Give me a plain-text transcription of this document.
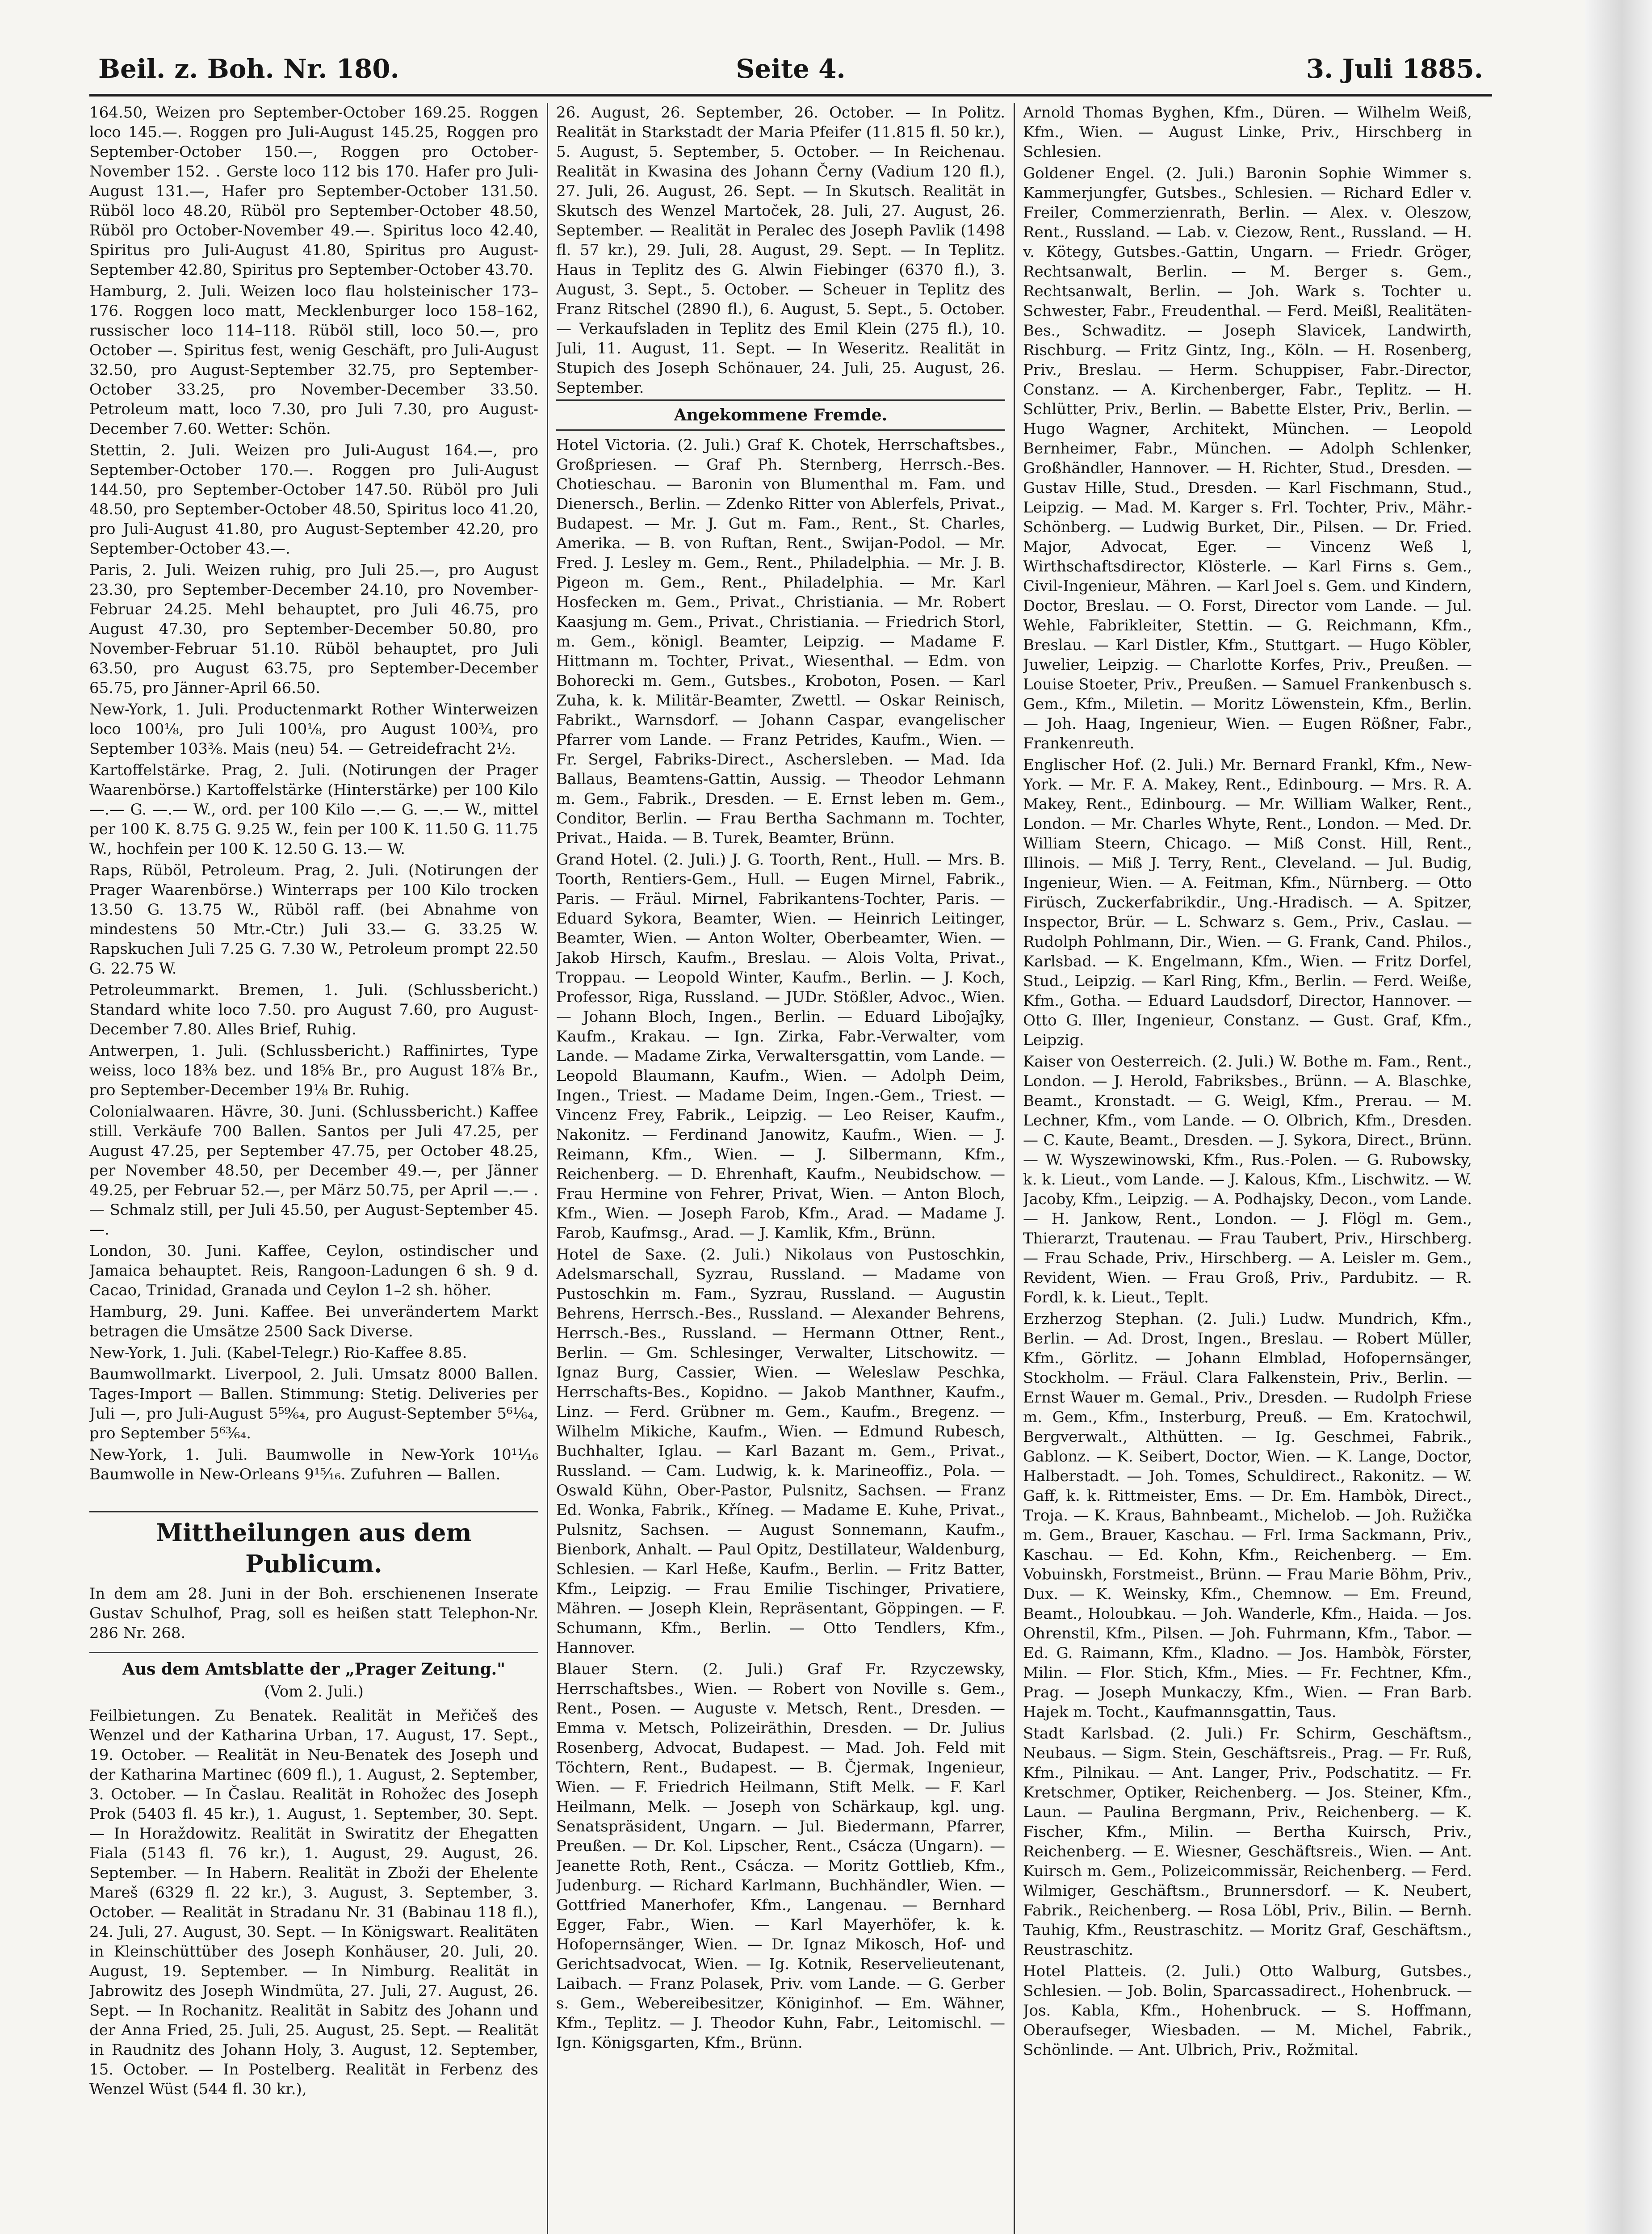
Beil. z. Boh. Nr. 180.	Seite 4.	3. Juli 1885.

164.50, Weizen pro September-October 169.25. Roggen loco 145.—. Roggen pro Juli-August 145.25, Roggen pro September-October 150.—, Roggen pro October-November 152. . Gerste loco 112 bis 170. Hafer pro Juli-August 131.—, Hafer pro September-October 131.50. Rüböl loco 48.20, Rüböl pro September-October 48.50, Rüböl pro October-November 49.—. Spiritus loco 42.40, Spiritus pro Juli-August 41.80, Spiritus pro August-September 42.80, Spiritus pro September-October 43.70.

Hamburg, 2. Juli. Weizen loco flau holsteinischer 173–176. Roggen loco matt, Mecklenburger loco 158–162, russischer loco 114–118. Rüböl still, loco 50.—, pro October —. Spiritus fest, wenig Geschäft, pro Juli-August 32.50, pro August-September 32.75, pro September-October 33.25, pro November-December 33.50. Petroleum matt, loco 7.30, pro Juli 7.30, pro August-December 7.60. Wetter: Schön.

Stettin, 2. Juli. Weizen pro Juli-August 164.—, pro September-October 170.—. Roggen pro Juli-August 144.50, pro September-October 147.50. Rüböl pro Juli 48.50, pro September-October 48.50, Spiritus loco 41.20, pro Juli-August 41.80, pro August-September 42.20, pro September-October 43.—.

Paris, 2. Juli. Weizen ruhig, pro Juli 25.—, pro August 23.30, pro September-December 24.10, pro November-Februar 24.25. Mehl behauptet, pro Juli 46.75, pro August 47.30, pro September-December 50.80, pro November-Februar 51.10. Rüböl behauptet, pro Juli 63.50, pro August 63.75, pro September-December 65.75, pro Jänner-April 66.50.

New-York, 1. Juli. Productenmarkt Rother Winterweizen loco 100⅛, pro Juli 100⅛, pro August 100¾, pro September 103⅜. Mais (neu) 54. — Getreidefracht 2½.

Kartoffelstärke. Prag, 2. Juli. (Notirungen der Prager Waarenbörse.) Kartoffelstärke (Hinterstärke) per 100 Kilo —.— G. —.— W., ord. per 100 Kilo —.— G. —.— W., mittel per 100 K. 8.75 G. 9.25 W., fein per 100 K. 11.50 G. 11.75 W., hochfein per 100 K. 12.50 G. 13.— W.

Raps, Rüböl, Petroleum. Prag, 2. Juli. (Notirungen der Prager Waarenbörse.) Winterraps per 100 Kilo trocken 13.50 G. 13.75 W., Rüböl raff. (bei Abnahme von mindestens 50 Mtr.-Ctr.) Juli 33.— G. 33.25 W. Rapskuchen Juli 7.25 G. 7.30 W., Petroleum prompt 22.50 G. 22.75 W.

Petroleummarkt. Bremen, 1. Juli. (Schlussbericht.) Standard white loco 7.50. pro August 7.60, pro August-December 7.80. Alles Brief, Ruhig.

Antwerpen, 1. Juli. (Schlussbericht.) Raffinirtes, Type weiss, loco 18⅜ bez. und 18⅝ Br., pro August 18⅞ Br., pro September-December 19⅛ Br. Ruhig.

Colonialwaaren. Hävre, 30. Juni. (Schlussbericht.) Kaffee still. Verkäufe 700 Ballen. Santos per Juli 47.25, per August 47.25, per September 47.75, per October 48.25, per November 48.50, per December 49.—, per Jänner 49.25, per Februar 52.—, per März 50.75, per April —.— . — Schmalz still, per Juli 45.50, per August-September 45.—.

London, 30. Juni. Kaffee, Ceylon, ostindischer und Jamaica behauptet. Reis, Rangoon-Ladungen 6 sh. 9 d. Cacao, Trinidad, Granada und Ceylon 1–2 sh. höher.

Hamburg, 29. Juni. Kaffee. Bei unverändertem Markt betragen die Umsätze 2500 Sack Diverse.

New-York, 1. Juli. (Kabel-Telegr.) Rio-Kaffee 8.85.

Baumwollmarkt. Liverpool, 2. Juli. Umsatz 8000 Ballen. Tages-Import — Ballen. Stimmung: Stetig. Deliveries per Juli —, pro Juli-August 5⁵⁹⁄₆₄, pro August-September 5⁶¹⁄₆₄, pro September 5⁶³⁄₆₄.

New-York, 1. Juli. Baumwolle in New-York 10¹¹⁄₁₆ Baumwolle in New-Orleans 9¹⁵⁄₁₆. Zufuhren — Ballen.

Mittheilungen aus dem Publicum.

In dem am 28. Juni in der Boh. erschienenen Inserate Gustav Schulhof, Prag, soll es heißen statt Telephon-Nr. 286 Nr. 268.

Aus dem Amtsblatte der „Prager Zeitung."
(Vom 2. Juli.)

Feilbietungen. Zu Benatek. Realität in Meřičeš des Wenzel und der Katharina Urban, 17. August, 17. Sept., 19. October. — Realität in Neu-Benatek des Joseph und der Katharina Martinec (609 fl.), 1. August, 2. September, 3. October. — In Časlau. Realität in Rohožec des Joseph Prok (5403 fl. 45 kr.), 1. August, 1. September, 30. Sept. — In Horaždowitz. Realität in Swiratitz der Ehegatten Fiala (5143 fl. 76 kr.), 1. August, 29. August, 26. September. — In Habern. Realität in Zboži der Ehelente Mareš (6329 fl. 22 kr.), 3. August, 3. September, 3. October. — Realität in Stradanu Nr. 31 (Babinau 118 fl.), 24. Juli, 27. August, 30. Sept. — In Königswart. Realitäten in Kleinschüttüber des Joseph Konhäuser, 20. Juli, 20. August, 19. September. — In Nimburg. Realität in Jabrowitz des Joseph Windmüta, 27. Juli, 27. August, 26. Sept. — In Rochanitz. Realität in Sabitz des Johann und der Anna Fried, 25. Juli, 25. August, 25. Sept. — Realität in Raudnitz des Johann Holy, 3. August, 12. September, 15. October. — In Postelberg. Realität in Ferbenz des Wenzel Wüst (544 fl. 30 kr.),

26. August, 26. September, 26. October. — In Politz. Realität in Starkstadt der Maria Pfeifer (11.815 fl. 50 kr.), 5. August, 5. September, 5. October. — In Reichenau. Realität in Kwasina des Johann Černy (Vadium 120 fl.), 27. Juli, 26. August, 26. Sept. — In Skutsch. Realität in Skutsch des Wenzel Martoček, 28. Juli, 27. August, 26. September. — Realität in Peralec des Joseph Pavlik (1498 fl. 57 kr.), 29. Juli, 28. August, 29. Sept. — In Teplitz. Haus in Teplitz des G. Alwin Fiebinger (6370 fl.), 3. August, 3. Sept., 5. October. — Scheuer in Teplitz des Franz Ritschel (2890 fl.), 6. August, 5. Sept., 5. October. — Verkaufsladen in Teplitz des Emil Klein (275 fl.), 10. Juli, 11. August, 11. Sept. — In Weseritz. Realität in Stupich des Joseph Schönauer, 24. Juli, 25. August, 26. September.

Angekommene Fremde.

Hotel Victoria. (2. Juli.) Graf K. Chotek, Herrschaftsbes., Großpriesen. — Graf Ph. Sternberg, Herrsch.-Bes. Chotieschau. — Baronin von Blumenthal m. Fam. und Dienersch., Berlin. — Zdenko Ritter von Ablerfels, Privat., Budapest. — Mr. J. Gut m. Fam., Rent., St. Charles, Amerika. — B. von Ruftan, Rent., Swijan-Podol. — Mr. Fred. J. Lesley m. Gem., Rent., Philadelphia. — Mr. J. B. Pigeon m. Gem., Rent., Philadelphia. — Mr. Karl Hosfecken m. Gem., Privat., Christiania. — Mr. Robert Kaasjung m. Gem., Privat., Christiania. — Friedrich Storl, m. Gem., königl. Beamter, Leipzig. — Madame F. Hittmann m. Tochter, Privat., Wiesenthal. — Edm. von Bohorecki m. Gem., Gutsbes., Kroboton, Posen. — Karl Zuha, k. k. Militär-Beamter, Zwettl. — Oskar Reinisch, Fabrikt., Warnsdorf. — Johann Caspar, evangelischer Pfarrer vom Lande. — Franz Petrides, Kaufm., Wien. — Fr. Sergel, Fabriks-Direct., Aschersleben. — Mad. Ida Ballaus, Beamtens-Gattin, Aussig. — Theodor Lehmann m. Gem., Fabrik., Dresden. — E. Ernst leben m. Gem., Conditor, Berlin. — Frau Bertha Sachmann m. Tochter, Privat., Haida. — B. Turek, Beamter, Brünn.

Grand Hotel. (2. Juli.) J. G. Toorth, Rent., Hull. — Mrs. B. Toorth, Rentiers-Gem., Hull. — Eugen Mirnel, Fabrik., Paris. — Fräul. Mirnel, Fabrikantens-Tochter, Paris. — Eduard Sykora, Beamter, Wien. — Heinrich Leitinger, Beamter, Wien. — Anton Wolter, Oberbeamter, Wien. — Jakob Hirsch, Kaufm., Breslau. — Alois Volta, Privat., Troppau. — Leopold Winter, Kaufm., Berlin. — J. Koch, Professor, Riga, Russland. — JUDr. Stößler, Advoc., Wien. — Johann Bloch, Ingen., Berlin. — Eduard Liboĵaĵky, Kaufm., Krakau. — Ign. Zirka, Fabr.-Verwalter, vom Lande. — Madame Zirka, Verwaltersgattin, vom Lande. — Leopold Blaumann, Kaufm., Wien. — Adolph Deim, Ingen., Triest. — Madame Deim, Ingen.-Gem., Triest. — Vincenz Frey, Fabrik., Leipzig. — Leo Reiser, Kaufm., Nakonitz. — Ferdinand Janowitz, Kaufm., Wien. — J. Reimann, Kfm., Wien. — J. Silbermann, Kfm., Reichenberg. — D. Ehrenhaft, Kaufm., Neubidschow. — Frau Hermine von Fehrer, Privat, Wien. — Anton Bloch, Kfm., Wien. — Joseph Farob, Kfm., Arad. — Madame J. Farob, Kaufmsg., Arad. — J. Kamlik, Kfm., Brünn.

Hotel de Saxe. (2. Juli.) Nikolaus von Pustoschkin, Adelsmarschall, Syzrau, Russland. — Madame von Pustoschkin m. Fam., Syzrau, Russland. — Augustin Behrens, Herrsch.-Bes., Russland. — Alexander Behrens, Herrsch.-Bes., Russland. — Hermann Ottner, Rent., Berlin. — Gm. Schlesinger, Verwalter, Litschowitz. — Ignaz Burg, Cassier, Wien. — Weleslaw Peschka, Herrschafts-Bes., Kopidno. — Jakob Manthner, Kaufm., Linz. — Ferd. Grübner m. Gem., Kaufm., Bregenz. — Wilhelm Mikiche, Kaufm., Wien. — Edmund Rubesch, Buchhalter, Iglau. — Karl Bazant m. Gem., Privat., Russland. — Cam. Ludwig, k. k. Marineoffiz., Pola. — Oswald Kühn, Ober-Pastor, Pulsnitz, Sachsen. — Franz Ed. Wonka, Fabrik., Kříneg. — Madame E. Kuhe, Privat., Pulsnitz, Sachsen. — August Sonnemann, Kaufm., Bienbork, Anhalt. — Paul Opitz, Destillateur, Waldenburg, Schlesien. — Karl Heße, Kaufm., Berlin. — Fritz Batter, Kfm., Leipzig. — Frau Emilie Tischinger, Privatiere, Mähren. — Joseph Klein, Repräsentant, Göppingen. — F. Schumann, Kfm., Berlin. — Otto Tendlers, Kfm., Hannover.

Blauer Stern. (2. Juli.) Graf Fr. Rzyczewsky, Herrschaftsbes., Wien. — Robert von Noville s. Gem., Rent., Posen. — Auguste v. Metsch, Rent., Dresden. — Emma v. Metsch, Polizeiräthin, Dresden. — Dr. Julius Rosenberg, Advocat, Budapest. — Mad. Joh. Feld mit Töchtern, Rent., Budapest. — B. Čjermak, Ingenieur, Wien. — F. Friedrich Heilmann, Stift Melk. — F. Karl Heilmann, Melk. — Joseph von Schärkaup, kgl. ung. Senatspräsident, Ungarn. — Jul. Biedermann, Pfarrer, Preußen. — Dr. Kol. Lipscher, Rent., Csácza (Ungarn). — Jeanette Roth, Rent., Csácza. — Moritz Gottlieb, Kfm., Judenburg. — Richard Karlmann, Buchhändler, Wien. — Gottfried Manerhofer, Kfm., Langenau. — Bernhard Egger, Fabr., Wien. — Karl Mayerhöfer, k. k. Hofopernsänger, Wien. — Dr. Ignaz Mikosch, Hof- und Gerichtsadvocat, Wien. — Ig. Kotnik, Reservelieutenant, Laibach. — Franz Polasek, Priv. vom Lande. — G. Gerber s. Gem., Webereibesitzer, Königinhof. — Em. Wähner, Kfm., Teplitz. — J. Theodor Kuhn, Fabr., Leitomischl. — Ign. Königsgarten, Kfm., Brünn.

Arnold Thomas Byghen, Kfm., Düren. — Wilhelm Weiß, Kfm., Wien. — August Linke, Priv., Hirschberg in Schlesien.

Goldener Engel. (2. Juli.) Baronin Sophie Wimmer s. Kammerjungfer, Gutsbes., Schlesien. — Richard Edler v. Freiler, Commerzienrath, Berlin. — Alex. v. Oleszow, Rent., Russland. — Lab. v. Ciezow, Rent., Russland. — H. v. Kötegy, Gutsbes.-Gattin, Ungarn. — Friedr. Gröger, Rechtsanwalt, Berlin. — M. Berger s. Gem., Rechtsanwalt, Berlin. — Joh. Wark s. Tochter u. Schwester, Fabr., Freudenthal. — Ferd. Meißl, Realitäten-Bes., Schwaditz. — Joseph Slavicek, Landwirth, Rischburg. — Fritz Gintz, Ing., Köln. — H. Rosenberg, Priv., Breslau. — Herm. Schuppiser, Fabr.-Director, Constanz. — A. Kirchenberger, Fabr., Teplitz. — H. Schlütter, Priv., Berlin. — Babette Elster, Priv., Berlin. — Hugo Wagner, Architekt, München. — Leopold Bernheimer, Fabr., München. — Adolph Schlenker, Großhändler, Hannover. — H. Richter, Stud., Dresden. — Gustav Hille, Stud., Dresden. — Karl Fischmann, Stud., Leipzig. — Mad. M. Karger s. Frl. Tochter, Priv., Mähr.-Schönberg. — Ludwig Burket, Dir., Pilsen. — Dr. Fried. Major, Advocat, Eger. — Vincenz Weß l, Wirthschaftsdirector, Klösterle. — Karl Firns s. Gem., Civil-Ingenieur, Mähren. — Karl Joel s. Gem. und Kindern, Doctor, Breslau. — O. Forst, Director vom Lande. — Jul. Wehle, Fabrikleiter, Stettin. — G. Reichmann, Kfm., Breslau. — Karl Distler, Kfm., Stuttgart. — Hugo Köbler, Juwelier, Leipzig. — Charlotte Korfes, Priv., Preußen. — Louise Stoeter, Priv., Preußen. — Samuel Frankenbusch s. Gem., Kfm., Miletin. — Moritz Löwenstein, Kfm., Berlin. — Joh. Haag, Ingenieur, Wien. — Eugen Rößner, Fabr., Frankenreuth.

Englischer Hof. (2. Juli.) Mr. Bernard Frankl, Kfm., New-York. — Mr. F. A. Makey, Rent., Edinbourg. — Mrs. R. A. Makey, Rent., Edinbourg. — Mr. William Walker, Rent., London. — Mr. Charles Whyte, Rent., London. — Med. Dr. William Steern, Chicago. — Miß Const. Hill, Rent., Illinois. — Miß J. Terry, Rent., Cleveland. — Jul. Budig, Ingenieur, Wien. — A. Feitman, Kfm., Nürnberg. — Otto Firüsch, Zuckerfabrikdir., Ung.-Hradisch. — A. Spitzer, Inspector, Brür. — L. Schwarz s. Gem., Priv., Caslau. — Rudolph Pohlmann, Dir., Wien. — G. Frank, Cand. Philos., Karlsbad. — K. Engelmann, Kfm., Wien. — Fritz Dorfel, Stud., Leipzig. — Karl Ring, Kfm., Berlin. — Ferd. Weiße, Kfm., Gotha. — Eduard Laudsdorf, Director, Hannover. — Otto G. Iller, Ingenieur, Constanz. — Gust. Graf, Kfm., Leipzig.

Kaiser von Oesterreich. (2. Juli.) W. Bothe m. Fam., Rent., London. — J. Herold, Fabriksbes., Brünn. — A. Blaschke, Beamt., Kronstadt. — G. Weigl, Kfm., Prerau. — M. Lechner, Kfm., vom Lande. — O. Olbrich, Kfm., Dresden. — C. Kaute, Beamt., Dresden. — J. Sykora, Direct., Brünn. — W. Wyszewinowski, Kfm., Rus.-Polen. — G. Rubowsky, k. k. Lieut., vom Lande. — J. Kalous, Kfm., Lischwitz. — W. Jacoby, Kfm., Leipzig. — A. Podhajsky, Decon., vom Lande. — H. Jankow, Rent., London. — J. Flögl m. Gem., Thierarzt, Trautenau. — Frau Taubert, Priv., Hirschberg. — Frau Schade, Priv., Hirschberg. — A. Leisler m. Gem., Revident, Wien. — Frau Groß, Priv., Pardubitz. — R. Fordl, k. k. Lieut., Teplt.

Erzherzog Stephan. (2. Juli.) Ludw. Mundrich, Kfm., Berlin. — Ad. Drost, Ingen., Breslau. — Robert Müller, Kfm., Görlitz. — Johann Elmblad, Hofopernsänger, Stockholm. — Fräul. Clara Falkenstein, Priv., Berlin. — Ernst Wauer m. Gemal., Priv., Dresden. — Rudolph Friese m. Gem., Kfm., Insterburg, Preuß. — Em. Kratochwil, Bergverwalt., Althütten. — Ig. Geschmei, Fabrik., Gablonz. — K. Seibert, Doctor, Wien. — K. Lange, Doctor, Halberstadt. — Joh. Tomes, Schuldirect., Rakonitz. — W. Gaff, k. k. Rittmeister, Ems. — Dr. Em. Hambòk, Direct., Troja. — K. Kraus, Bahnbeamt., Michelob. — Joh. Ružička m. Gem., Brauer, Kaschau. — Frl. Irma Sackmann, Priv., Kaschau. — Ed. Kohn, Kfm., Reichenberg. — Em. Vobuinskh, Forstmeist., Brünn. — Frau Marie Böhm, Priv., Dux. — K. Weinsky, Kfm., Chemnow. — Em. Freund, Beamt., Holoubkau. — Joh. Wanderle, Kfm., Haida. — Jos. Ohrenstil, Kfm., Pilsen. — Joh. Fuhrmann, Kfm., Tabor. — Ed. G. Raimann, Kfm., Kladno. — Jos. Hambòk, Förster, Milin. — Flor. Stich, Kfm., Mies. — Fr. Fechtner, Kfm., Prag. — Joseph Munkaczy, Kfm., Wien. — Fran Barb. Hajek m. Tocht., Kaufmannsgattin, Taus.

Stadt Karlsbad. (2. Juli.) Fr. Schirm, Geschäftsm., Neubaus. — Sigm. Stein, Geschäftsreis., Prag. — Fr. Ruß, Kfm., Pilnikau. — Ant. Langer, Priv., Podschatitz. — Fr. Kretschmer, Optiker, Reichenberg. — Jos. Steiner, Kfm., Laun. — Paulina Bergmann, Priv., Reichenberg. — K. Fischer, Kfm., Milin. — Bertha Kuirsch, Priv., Reichenberg. — E. Wiesner, Geschäftsreis., Wien. — Ant. Kuirsch m. Gem., Polizeicommissär, Reichenberg. — Ferd. Wilmiger, Geschäftsm., Brunnersdorf. — K. Neubert, Fabrik., Reichenberg. — Rosa Löbl, Priv., Bilin. — Bernh. Tauhig, Kfm., Reustraschitz. — Moritz Graf, Geschäftsm., Reustraschitz.

Hotel Platteis. (2. Juli.) Otto Walburg, Gutsbes., Schlesien. — Job. Bolin, Sparcassadirect., Hohenbruck. — Jos. Kabla, Kfm., Hohenbruck. — S. Hoffmann, Oberaufseger, Wiesbaden. — M. Michel, Fabrik., Schönlinde. — Ant. Ulbrich, Priv., Rožmital.
